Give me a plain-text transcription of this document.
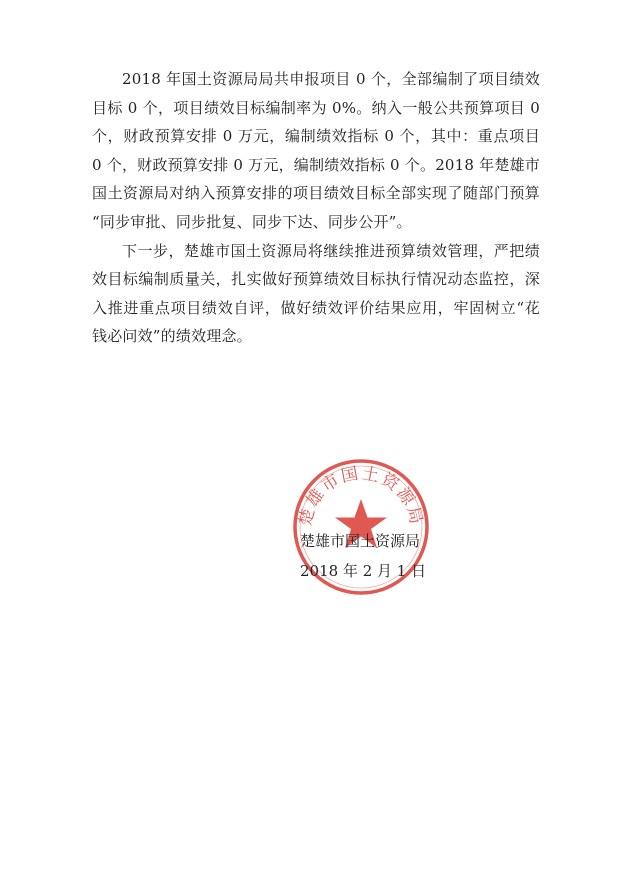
2018 年国土资源局局共申报项目 0 个，全部编制了项目绩效目标 0 个，项目绩效目标编制率为 0%。纳入一般公共预算项目 0 个，财政预算安排 0 万元，编制绩效指标 0 个，其中：重点项目 0 个，财政预算安排 0 万元，编制绩效指标 0 个。2018 年楚雄市国土资源局对纳入预算安排的项目绩效目标全部实现了随部门预算 “同步审批、同步批复、同步下达、同步公开”。

下一步，楚雄市国土资源局将继续推进预算绩效管理，严把绩效目标编制质量关，扎实做好预算绩效目标执行情况动态监控，深入推进重点项目绩效自评，做好绩效评价结果应用，牢固树立“花钱必问效”的绩效理念。

楚雄市国土资源局
楚雄市国土资源局
2018 年 2 月 1 日
